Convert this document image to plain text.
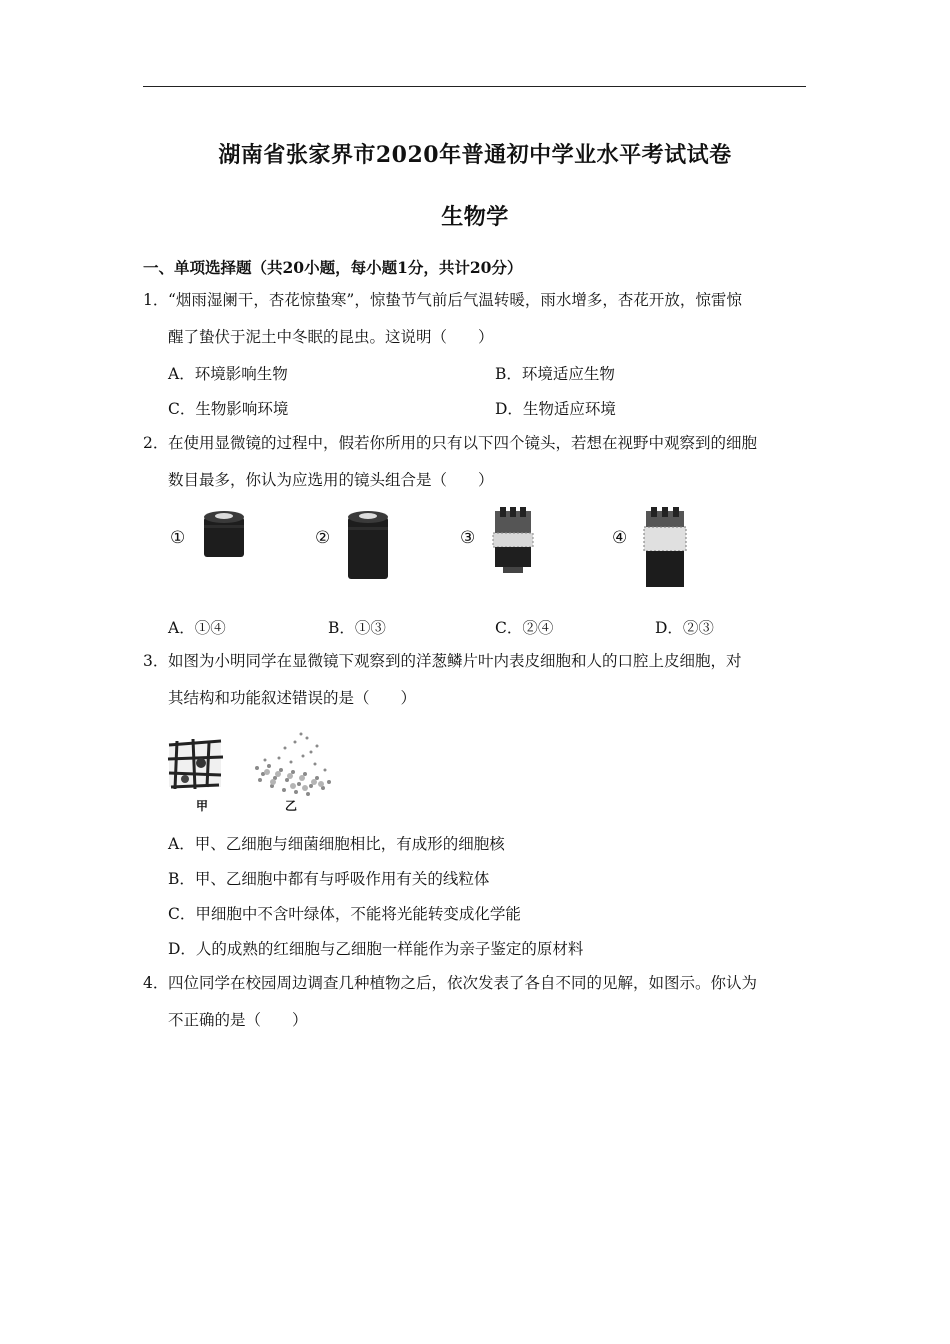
湖南省张家界市2020年普通初中学业水平考试试卷
生物学
一、单项选择题（共20小题，每小题1分，共计20分）
1． “烟雨湿阑干，杏花惊蛰寒”，惊蛰节气前后气温转暖，雨水增多，杏花开放，惊雷惊
醒了蛰伏于泥土中冬眠的昆虫。这说明（　　）
A．环境影响生物	B．环境适应生物
C．生物影响环境	D．生物适应环境
2． 在使用显微镜的过程中，假若你所用的只有以下四个镜头，若想在视野中观察到的细胞
数目最多，你认为应选用的镜头组合是（　　）
①	②	③	④
A．①④	B．①③	C．②④	D．②③
3． 如图为小明同学在显微镜下观察到的洋葱鳞片叶内表皮细胞和人的口腔上皮细胞，对
其结构和功能叙述错误的是（　　）
甲	乙
A．甲、乙细胞与细菌细胞相比，有成形的细胞核
B．甲、乙细胞中都有与呼吸作用有关的线粒体
C．甲细胞中不含叶绿体，不能将光能转变成化学能
D．人的成熟的红细胞与乙细胞一样能作为亲子鉴定的原材料
4． 四位同学在校园周边调查几种植物之后，依次发表了各自不同的见解，如图示。你认为
不正确的是（　　）
